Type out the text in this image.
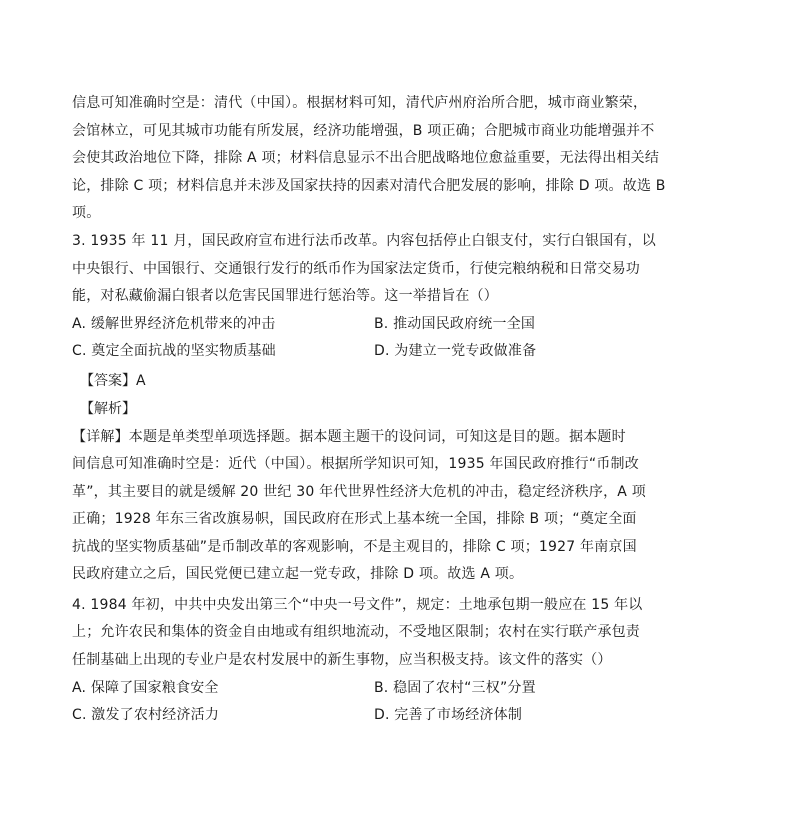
信息可知准确时空是：清代（中国）。根据材料可知，清代庐州府治所合肥，城市商业繁荣，
会馆林立，可见其城市功能有所发展，经济功能增强，B 项正确；合肥城市商业功能增强并不
会使其政治地位下降，排除 A 项；材料信息显示不出合肥战略地位愈益重要，无法得出相关结
论，排除 C 项；材料信息并未涉及国家扶持的因素对清代合肥发展的影响，排除 D 项。故选 B
项。
3. 1935 年 11 月，国民政府宣布进行法币改革。内容包括停止白银支付，实行白银国有，以
中央银行、中国银行、交通银行发行的纸币作为国家法定货币，行使完粮纳税和日常交易功
能，对私藏偷漏白银者以危害民国罪进行惩治等。这一举措旨在（）
A. 缓解世界经济危机带来的冲击	B. 推动国民政府统一全国
C. 奠定全面抗战的坚实物质基础	D. 为建立一党专政做准备
【答案】A
【解析】
【详解】本题是单类型单项选择题。据本题主题干的设问词，可知这是目的题。据本题时
间信息可知准确时空是：近代（中国）。根据所学知识可知，1935 年国民政府推行“币制改
革”，其主要目的就是缓解 20 世纪 30 年代世界性经济大危机的冲击，稳定经济秩序，A 项
正确；1928 年东三省改旗易帜，国民政府在形式上基本统一全国，排除 B 项；“奠定全面
抗战的坚实物质基础”是币制改革的客观影响，不是主观目的，排除 C 项；1927 年南京国
民政府建立之后，国民党便已建立起一党专政，排除 D 项。故选 A 项。
4. 1984 年初，中共中央发出第三个“中央一号文件”，规定：土地承包期一般应在 15 年以
上；允许农民和集体的资金自由地或有组织地流动，不受地区限制；农村在实行联产承包责
任制基础上出现的专业户是农村发展中的新生事物，应当积极支持。该文件的落实（）
A. 保障了国家粮食安全	B. 稳固了农村“三权”分置
C. 激发了农村经济活力	D. 完善了市场经济体制
